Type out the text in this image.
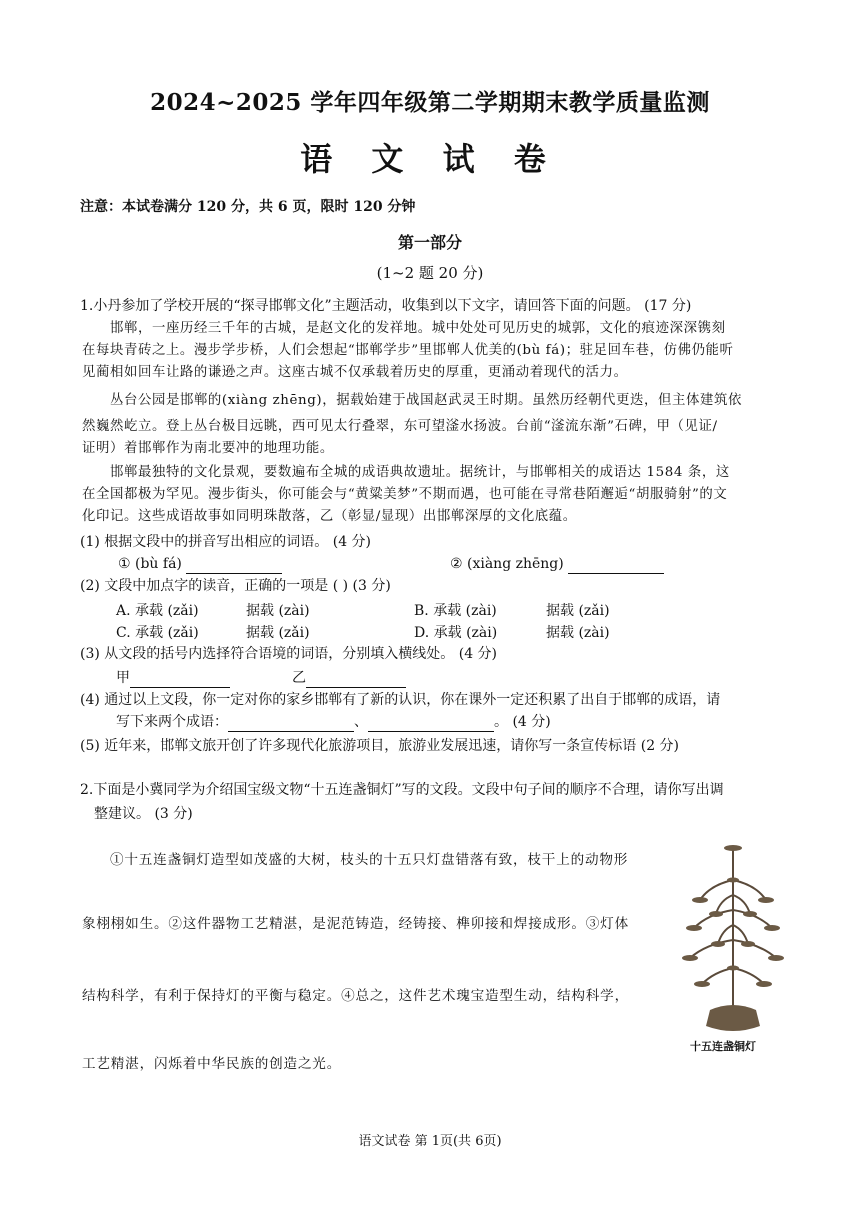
2024~2025 学年四年级第二学期期末教学质量监测
语 文 试 卷
注意：本试卷满分 120 分，共 6 页，限时 120 分钟
第一部分
(1~2 题 20 分)
1.小丹参加了学校开展的“探寻邯郸文化”主题活动，收集到以下文字，请回答下面的问题。 (17 分)
邯郸，一座历经三千年的古城，是赵文化的发祥地。城中处处可见历史的城郭，文化的痕迹深深镌刻
在每块青砖之上。漫步学步桥，人们会想起“邯郸学步”里邯郸人优美的(bù fá)；驻足回车巷，仿佛仍能听
见蔺相如回车让路的谦逊之声。这座古城不仅承载着历史的厚重，更涌动着现代的活力。
丛台公园是邯郸的(xiàng zhēng)，据载始建于战国赵武灵王时期。虽然历经朝代更迭，但主体建筑依
然巍然屹立。登上丛台极目远眺，西可见太行叠翠，东可望滏水扬波。台前“滏流东渐”石碑，甲（见证/
证明）着邯郸作为南北要冲的地理功能。
邯郸最独特的文化景观，要数遍布全城的成语典故遗址。据统计，与邯郸相关的成语达 1584 条，这
在全国都极为罕见。漫步街头，你可能会与“黄粱美梦”不期而遇，也可能在寻常巷陌邂逅“胡服骑射”的文
化印记。这些成语故事如同明珠散落，乙（彰显/显现）出邯郸深厚的文化底蕴。
(1) 根据文段中的拼音写出相应的词语。 (4 分)
① (bù fá)	② (xiàng zhēng)
(2) 文段中加点字的读音，正确的一项是 ( ) (3 分)
A. 承载 (zǎi)	据载 (zài)	B. 承载 (zài)	据载 (zǎi)
C. 承载 (zǎi)	据载 (zǎi)	D. 承载 (zài)	据载 (zài)
(3) 从文段的括号内选择符合语境的词语，分别填入横线处。 (4 分)
甲	乙
(4) 通过以上文段，你一定对你的家乡邯郸有了新的认识，你在课外一定还积累了出自于邯郸的成语，请
写下来两个成语：	、	。 (4 分)
(5) 近年来，邯郸文旅开创了许多现代化旅游项目，旅游业发展迅速，请你写一条宣传标语 (2 分)
2.下面是小冀同学为介绍国宝级文物“十五连盏铜灯”写的文段。文段中句子间的顺序不合理，请你写出调
整建议。 (3 分)
①十五连盏铜灯造型如茂盛的大树，枝头的十五只灯盘错落有致，枝干上的动物形
象栩栩如生。②这件器物工艺精湛，是泥范铸造，经铸接、榫卯接和焊接成形。③灯体
结构科学，有利于保持灯的平衡与稳定。④总之，这件艺术瑰宝造型生动，结构科学，
工艺精湛，闪烁着中华民族的创造之光。
十五连盏铜灯
语文试卷 第 1页(共 6页)
